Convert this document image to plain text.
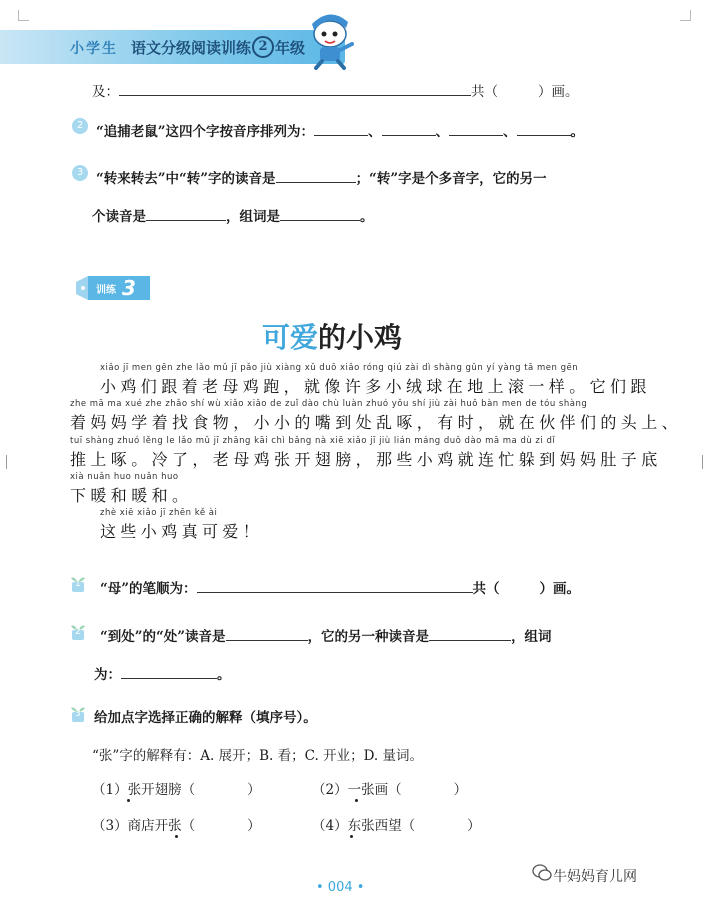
小学生 语文分级阅读训练 2 年级
及：	共（	）画。
2 “追捕老鼠”这四个字按音序排列为：	、	、	、	。
3 “转来转去”中“转”字的读音是	；“转”字是个多音字，它的另一
个读音是	，组词是	。
训练 3
可爱的小鸡
xiǎo jī men gēn zhe lǎo mǔ jī pǎo jiù xiàng xǔ duō xiǎo róng qiú zài dì shàng gǔn yí yàng tā men gēn
小鸡们跟着老母鸡跑，就像许多小绒球在地上滚一样。它们跟
zhe mā ma xué zhe zhǎo shí wù xiǎo xiǎo de zuǐ dào chù luàn zhuó yǒu shí jiù zài huǒ bàn men de tóu shàng
着妈妈学着找食物，小小的嘴到处乱啄，有时，就在伙伴们的头上、
tuī shàng zhuó lěng le lǎo mǔ jī zhāng kāi chì bǎng nà xiē xiǎo jī jiù lián máng duǒ dào mā ma dù zi dǐ
推上啄。冷了，老母鸡张开翅膀，那些小鸡就连忙躲到妈妈肚子底
xià nuǎn huo nuǎn huo
下暖和暖和。
zhè xiē xiǎo jī zhēn kě ài
这些小鸡真可爱！
1 “母”的笔顺为：	共（	）画。
2 “到处”的“处”读音是	，它的另一种读音是	，组词
为：	。
3 给加点字选择正确的解释（填序号）。
“张”字的解释有：A. 展开；B. 看；C. 开业；D. 量词。
（1）张开翅膀（	）	（2）一张画（	）
（3）商店开张（	）	（4）东张西望（	）
• 004 •
牛妈妈育儿网
